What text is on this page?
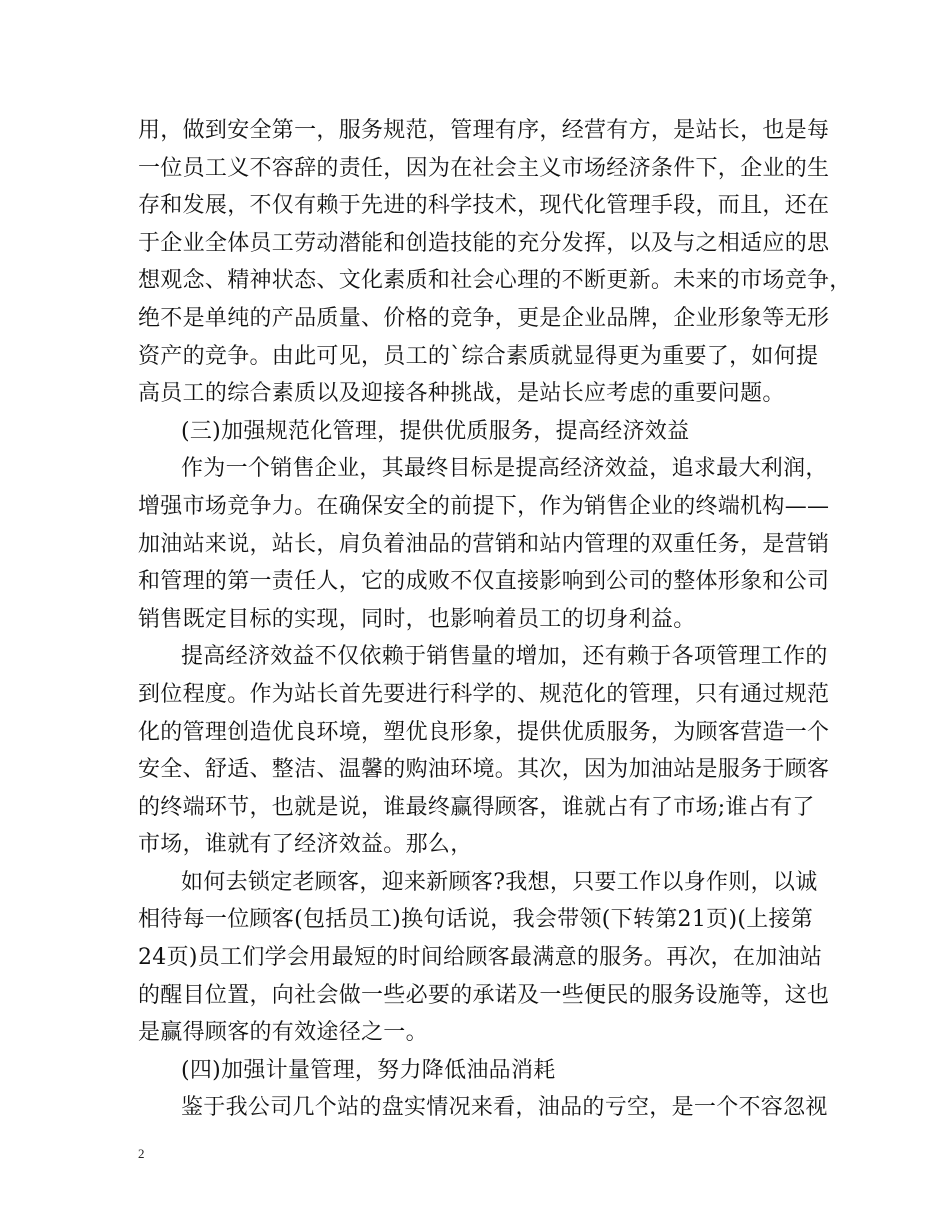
用，做到安全第一，服务规范，管理有序，经营有方，是站长，也是每
一位员工义不容辞的责任，因为在社会主义市场经济条件下，企业的生
存和发展，不仅有赖于先进的科学技术，现代化管理手段，而且，还在
于企业全体员工劳动潜能和创造技能的充分发挥，以及与之相适应的思
想观念、精神状态、文化素质和社会心理的不断更新。未来的市场竞争，
绝不是单纯的产品质量、价格的竞争，更是企业品牌，企业形象等无形
资产的竞争。由此可见，员工的`综合素质就显得更为重要了，如何提
高员工的综合素质以及迎接各种挑战，是站长应考虑的重要问题。
(三)加强规范化管理，提供优质服务，提高经济效益
作为一个销售企业，其最终目标是提高经济效益，追求最大利润，
增强市场竞争力。在确保安全的前提下，作为销售企业的终端机构——
加油站来说，站长，肩负着油品的营销和站内管理的双重任务，是营销
和管理的第一责任人，它的成败不仅直接影响到公司的整体形象和公司
销售既定目标的实现，同时，也影响着员工的切身利益。
提高经济效益不仅依赖于销售量的增加，还有赖于各项管理工作的
到位程度。作为站长首先要进行科学的、规范化的管理，只有通过规范
化的管理创造优良环境，塑优良形象，提供优质服务，为顾客营造一个
安全、舒适、整洁、温馨的购油环境。其次，因为加油站是服务于顾客
的终端环节，也就是说，谁最终赢得顾客，谁就占有了市场;谁占有了
市场，谁就有了经济效益。那么，
如何去锁定老顾客，迎来新顾客?我想，只要工作以身作则，以诚
相待每一位顾客(包括员工)换句话说，我会带领(下转第21页)(上接第
24页)员工们学会用最短的时间给顾客最满意的服务。再次，在加油站
的醒目位置，向社会做一些必要的承诺及一些便民的服务设施等，这也
是赢得顾客的有效途径之一。
(四)加强计量管理，努力降低油品消耗
鉴于我公司几个站的盘实情况来看，油品的亏空，是一个不容忽视
2
